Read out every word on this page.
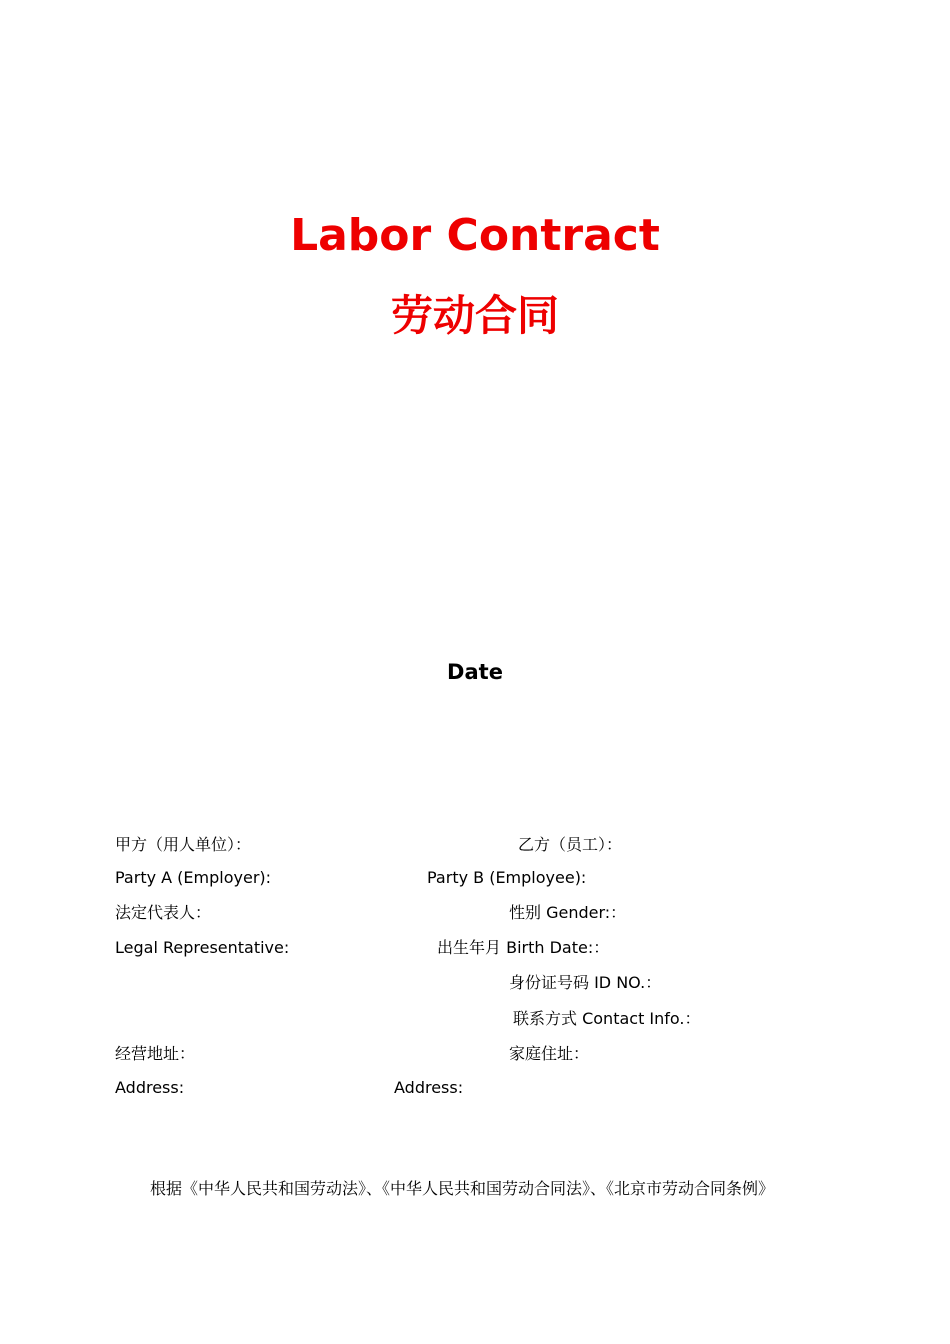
Labor Contract
劳动合同
Date
甲方（用人单位）：
Party A (Employer):
法定代表人：
Legal Representative:
经营地址：
Address:
乙方（员工）：
Party B (Employee):
性别 Gender:：
出生年月 Birth Date:：
身份证号码 ID NO.：
联系方式 Contact Info.：
家庭住址：
Address:
根据《中华人民共和国劳动法》、《中华人民共和国劳动合同法》、《北京市劳动合同条例》
